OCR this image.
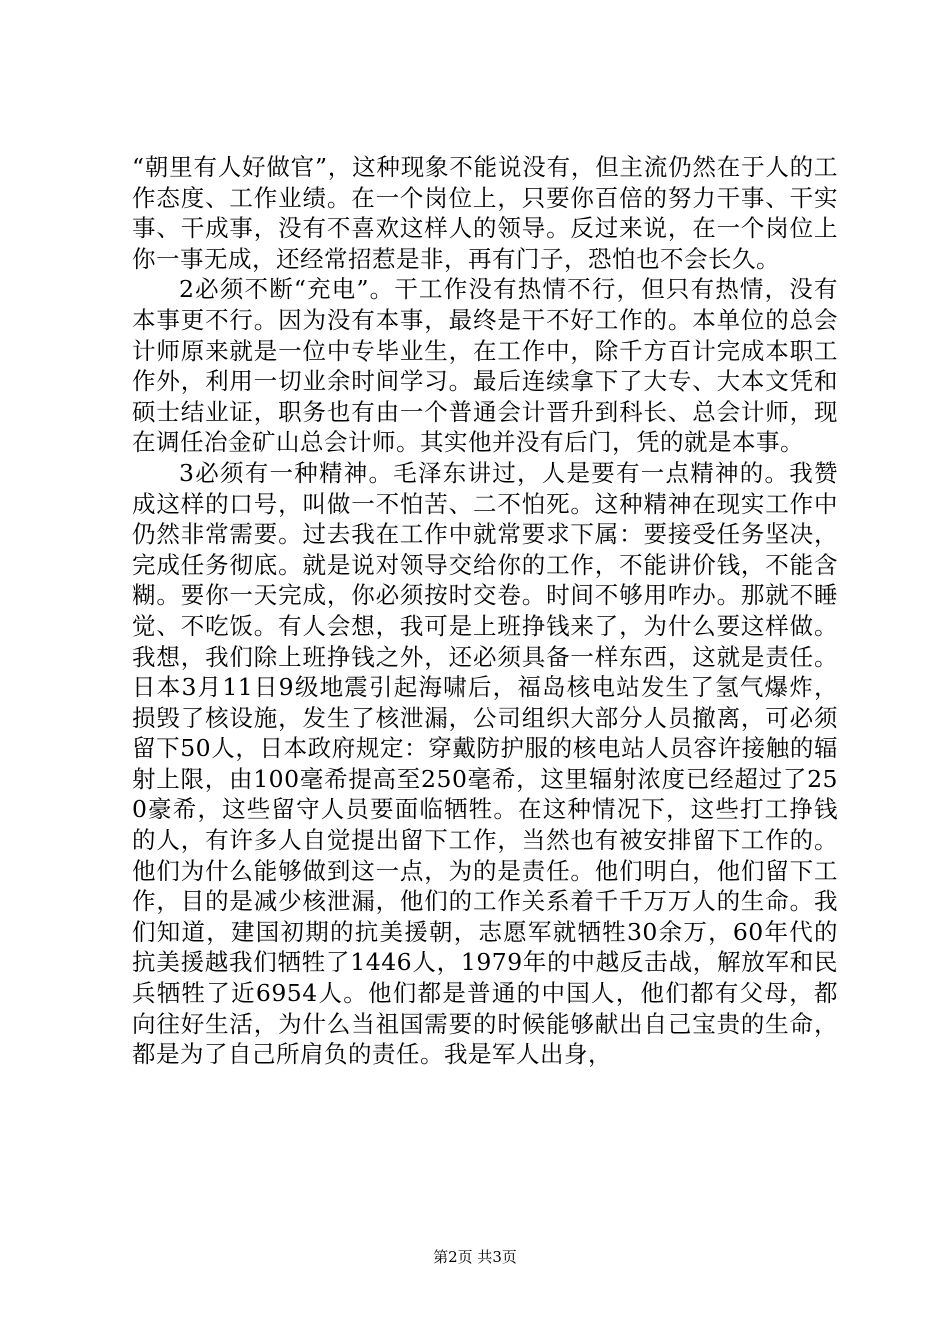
“朝里有人好做官”，这种现象不能说没有，但主流仍然在于人的工作态度、工作业绩。在一个岗位上，只要你百倍的努力干事、干实事、干成事，没有不喜欢这样人的领导。反过来说，在一个岗位上你一事无成，还经常招惹是非，再有门子，恐怕也不会长久。

2必须不断“充电”。干工作没有热情不行，但只有热情，没有本事更不行。因为没有本事，最终是干不好工作的。本单位的总会计师原来就是一位中专毕业生，在工作中，除千方百计完成本职工作外，利用一切业余时间学习。最后连续拿下了大专、大本文凭和硕士结业证，职务也有由一个普通会计晋升到科长、总会计师，现在调任冶金矿山总会计师。其实他并没有后门，凭的就是本事。

3必须有一种精神。毛泽东讲过，人是要有一点精神的。我赞成这样的口号，叫做一不怕苦、二不怕死。这种精神在现实工作中仍然非常需要。过去我在工作中就常要求下属：要接受任务坚决，完成任务彻底。就是说对领导交给你的工作，不能讲价钱，不能含糊。要你一天完成，你必须按时交卷。时间不够用咋办。那就不睡觉、不吃饭。有人会想，我可是上班挣钱来了，为什么要这样做。我想，我们除上班挣钱之外，还必须具备一样东西，这就是责任。日本3月11日9级地震引起海啸后，福岛核电站发生了氢气爆炸，损毁了核设施，发生了核泄漏，公司组织大部分人员撤离，可必须留下50人，日本政府规定：穿戴防护服的核电站人员容许接触的辐射上限，由100毫希提高至250毫希，这里辐射浓度已经超过了250豪希，这些留守人员要面临牺牲。在这种情况下，这些打工挣钱的人，有许多人自觉提出留下工作，当然也有被安排留下工作的。他们为什么能够做到这一点，为的是责任。他们明白，他们留下工作，目的是减少核泄漏，他们的工作关系着千千万万人的生命。我们知道，建国初期的抗美援朝，志愿军就牺牲30余万，60年代的抗美援越我们牺牲了1446人，1979年的中越反击战，解放军和民兵牺牲了近6954人。他们都是普通的中国人，他们都有父母，都向往好生活，为什么当祖国需要的时候能够献出自己宝贵的生命，都是为了自己所肩负的责任。我是军人出身，

第2页 共3页
